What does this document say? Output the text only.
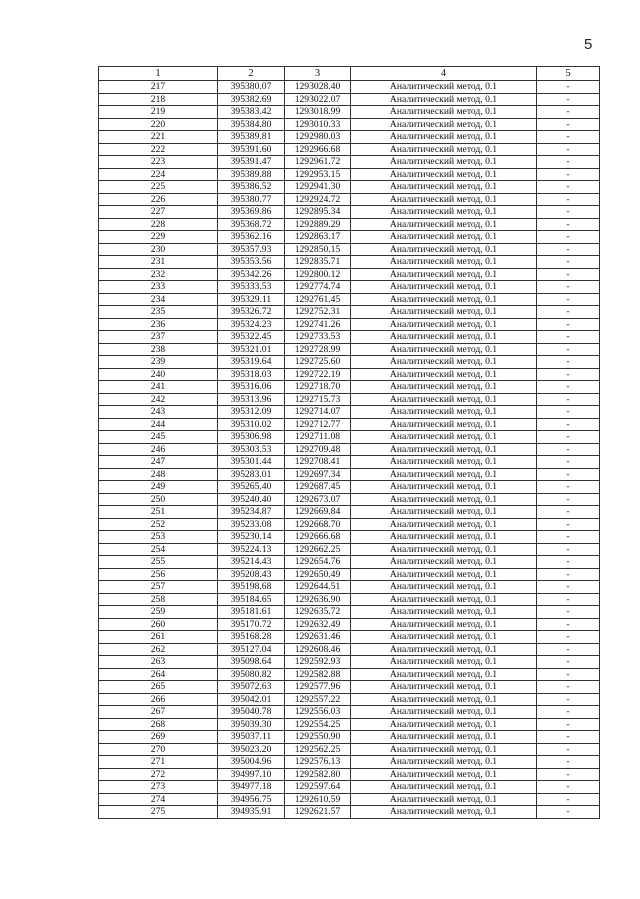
5
1	2	3	4	5
217	395380.07	1293028.40	Аналитический метод, 0.1	-
218	395382.69	1293022.07	Аналитический метод, 0.1	-
219	395383.42	1293018.99	Аналитический метод, 0.1	-
220	395384.80	1293010.33	Аналитический метод, 0.1	-
221	395389.81	1292980.03	Аналитический метод, 0.1	-
222	395391.60	1292966.68	Аналитический метод, 0.1	-
223	395391.47	1292961.72	Аналитический метод, 0.1	-
224	395389.88	1292953.15	Аналитический метод, 0.1	-
225	395386.52	1292941.30	Аналитический метод, 0.1	-
226	395380.77	1292924.72	Аналитический метод, 0.1	-
227	395369.86	1292895.34	Аналитический метод, 0.1	-
228	395368.72	1292889.29	Аналитический метод, 0.1	-
229	395362.16	1292863.17	Аналитический метод, 0.1	-
230	395357.93	1292850.15	Аналитический метод, 0.1	-
231	395353.56	1292835.71	Аналитический метод, 0.1	-
232	395342.26	1292800.12	Аналитический метод, 0.1	-
233	395333.53	1292774.74	Аналитический метод, 0.1	-
234	395329.11	1292761.45	Аналитический метод, 0.1	-
235	395326.72	1292752.31	Аналитический метод, 0.1	-
236	395324.23	1292741.26	Аналитический метод, 0.1	-
237	395322.45	1292733.53	Аналитический метод, 0.1	-
238	395321.01	1292728.99	Аналитический метод, 0.1	-
239	395319.64	1292725.60	Аналитический метод, 0.1	-
240	395318.03	1292722.19	Аналитический метод, 0.1	-
241	395316.06	1292718.70	Аналитический метод, 0.1	-
242	395313.96	1292715.73	Аналитический метод, 0.1	-
243	395312.09	1292714.07	Аналитический метод, 0.1	-
244	395310.02	1292712.77	Аналитический метод, 0.1	-
245	395306.98	1292711.08	Аналитический метод, 0.1	-
246	395303.53	1292709.48	Аналитический метод, 0.1	-
247	395301.44	1292708.41	Аналитический метод, 0.1	-
248	395283.01	1292697.34	Аналитический метод, 0.1	-
249	395265.40	1292687.45	Аналитический метод, 0.1	-
250	395240.40	1292673.07	Аналитический метод, 0.1	-
251	395234.87	1292669.84	Аналитический метод, 0.1	-
252	395233.08	1292668.70	Аналитический метод, 0.1	-
253	395230.14	1292666.68	Аналитический метод, 0.1	-
254	395224.13	1292662.25	Аналитический метод, 0.1	-
255	395214.43	1292654.76	Аналитический метод, 0.1	-
256	395208.43	1292650.49	Аналитический метод, 0.1	-
257	395198.68	1292644.51	Аналитический метод, 0.1	-
258	395184.65	1292636.90	Аналитический метод, 0.1	-
259	395181.61	1292635.72	Аналитический метод, 0.1	-
260	395170.72	1292632.49	Аналитический метод, 0.1	-
261	395168.28	1292631.46	Аналитический метод, 0.1	-
262	395127.04	1292608.46	Аналитический метод, 0.1	-
263	395098.64	1292592.93	Аналитический метод, 0.1	-
264	395080.82	1292582.88	Аналитический метод, 0.1	-
265	395072.63	1292577.96	Аналитический метод, 0.1	-
266	395042.01	1292557.22	Аналитический метод, 0.1	-
267	395040.78	1292556.03	Аналитический метод, 0.1	-
268	395039.30	1292554.25	Аналитический метод, 0.1	-
269	395037.11	1292550.90	Аналитический метод, 0.1	-
270	395023.20	1292562.25	Аналитический метод, 0.1	-
271	395004.96	1292576.13	Аналитический метод, 0.1	-
272	394997.10	1292582.80	Аналитический метод, 0.1	-
273	394977.18	1292597.64	Аналитический метод, 0.1	-
274	394956.75	1292610.59	Аналитический метод, 0.1	-
275	394935.91	1292621.57	Аналитический метод, 0.1	-
